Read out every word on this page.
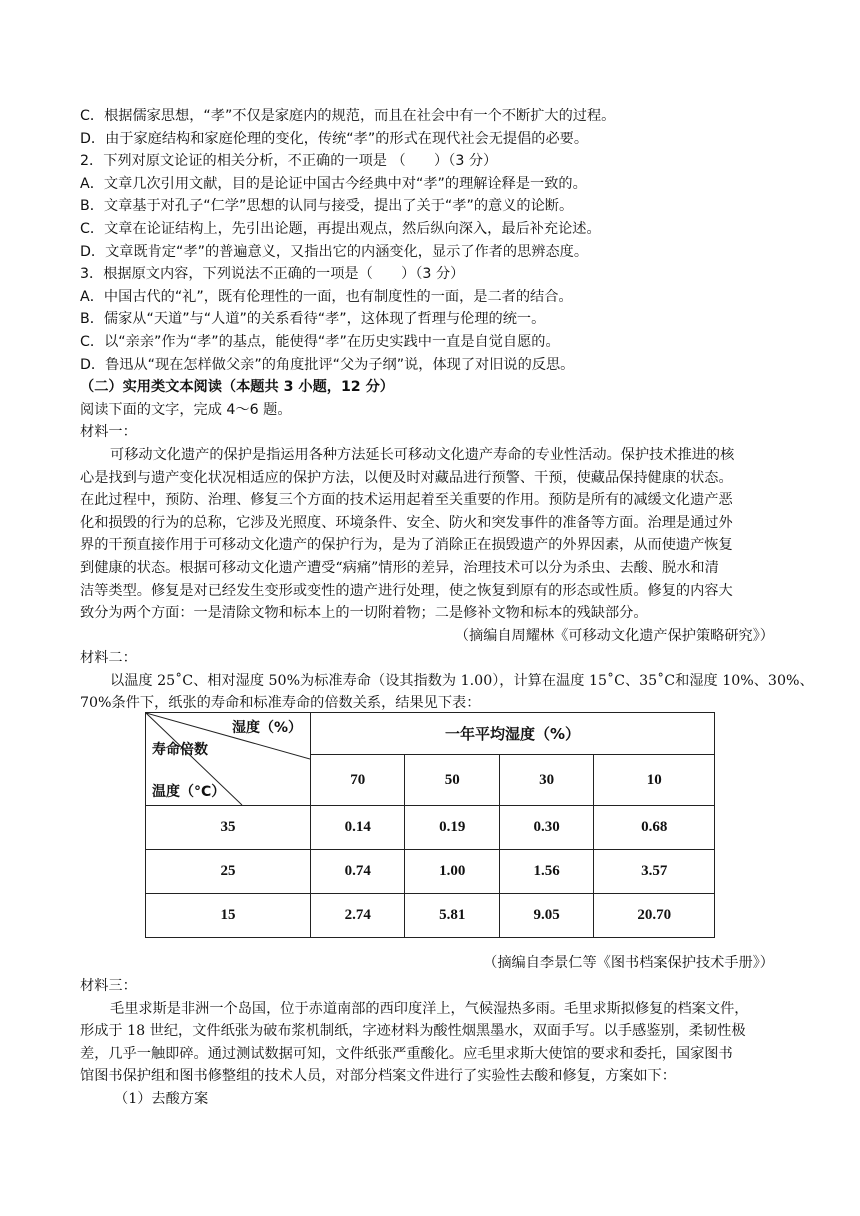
C．根据儒家思想，“孝”不仅是家庭内的规范，而且在社会中有一个不断扩大的过程。
D．由于家庭结构和家庭伦理的变化，传统“孝”的形式在现代社会无提倡的必要。
2．下列对原文论证的相关分析，不正确的一项是 （　　）（3 分）
A．文章几次引用文献，目的是论证中国古今经典中对“孝”的理解诠释是一致的。
B．文章基于对孔子“仁学”思想的认同与接受，提出了关于“孝”的意义的论断。
C．文章在论证结构上，先引出论题，再提出观点，然后纵向深入，最后补充论述。
D．文章既肯定“孝”的普遍意义，又指出它的内涵变化，显示了作者的思辨态度。
3．根据原文内容，下列说法不正确的一项是（　　）（3 分）
A．中国古代的“礼”，既有伦理性的一面，也有制度性的一面，是二者的结合。
B．儒家从“天道”与“人道”的关系看待“孝”，这体现了哲理与伦理的统一。
C．以“亲亲”作为“孝”的基点，能使得“孝”在历史实践中一直是自觉自愿的。
D．鲁迅从“现在怎样做父亲”的角度批评“父为子纲”说，体现了对旧说的反思。
（二）实用类文本阅读（本题共 3 小题，12 分）
阅读下面的文字，完成 4～6 题。
材料一：
可移动文化遗产的保护是指运用各种方法延长可移动文化遗产寿命的专业性活动。保护技术推进的核
心是找到与遗产变化状况相适应的保护方法，以便及时对藏品进行预警、干预，使藏品保持健康的状态。
在此过程中，预防、治理、修复三个方面的技术运用起着至关重要的作用。预防是所有的减缓文化遗产恶
化和损毁的行为的总称，它涉及光照度、环境条件、安全、防火和突发事件的准备等方面。治理是通过外
界的干预直接作用于可移动文化遗产的保护行为，是为了消除正在损毁遗产的外界因素，从而使遗产恢复
到健康的状态。根据可移动文化遗产遭受“病痛”情形的差异，治理技术可以分为杀虫、去酸、脱水和清
洁等类型。修复是对已经发生变形或变性的遗产进行处理，使之恢复到原有的形态或性质。修复的内容大
致分为两个方面：一是清除文物和标本上的一切附着物；二是修补文物和标本的残缺部分。
（摘编自周耀林《可移动文化遗产保护策略研究》）
材料二：
以温度 25˚C、相对湿度 50%为标准寿命（设其指数为 1.00），计算在温度 15˚C、35˚C和湿度 10%、30%、
70%条件下，纸张的寿命和标准寿命的倍数关系，结果见下表：
湿度（%）
寿命倍数
温度（°C）	一年平均湿度（%）			
	70	50	30	10
35	0.14	0.19	0.30	0.68
25	0.74	1.00	1.56	3.57
15	2.74	5.81	9.05	20.70
（摘编自李景仁等《图书档案保护技术手册》）
材料三：
毛里求斯是非洲一个岛国，位于赤道南部的西印度洋上，气候湿热多雨。毛里求斯拟修复的档案文件，
形成于 18 世纪，文件纸张为破布浆机制纸，字迹材料为酸性烟黑墨水，双面手写。以手感鉴别，柔韧性极
差，几乎一触即碎。通过测试数据可知，文件纸张严重酸化。应毛里求斯大使馆的要求和委托，国家图书
馆图书保护组和图书修整组的技术人员，对部分档案文件进行了实验性去酸和修复，方案如下：
（1）去酸方案
